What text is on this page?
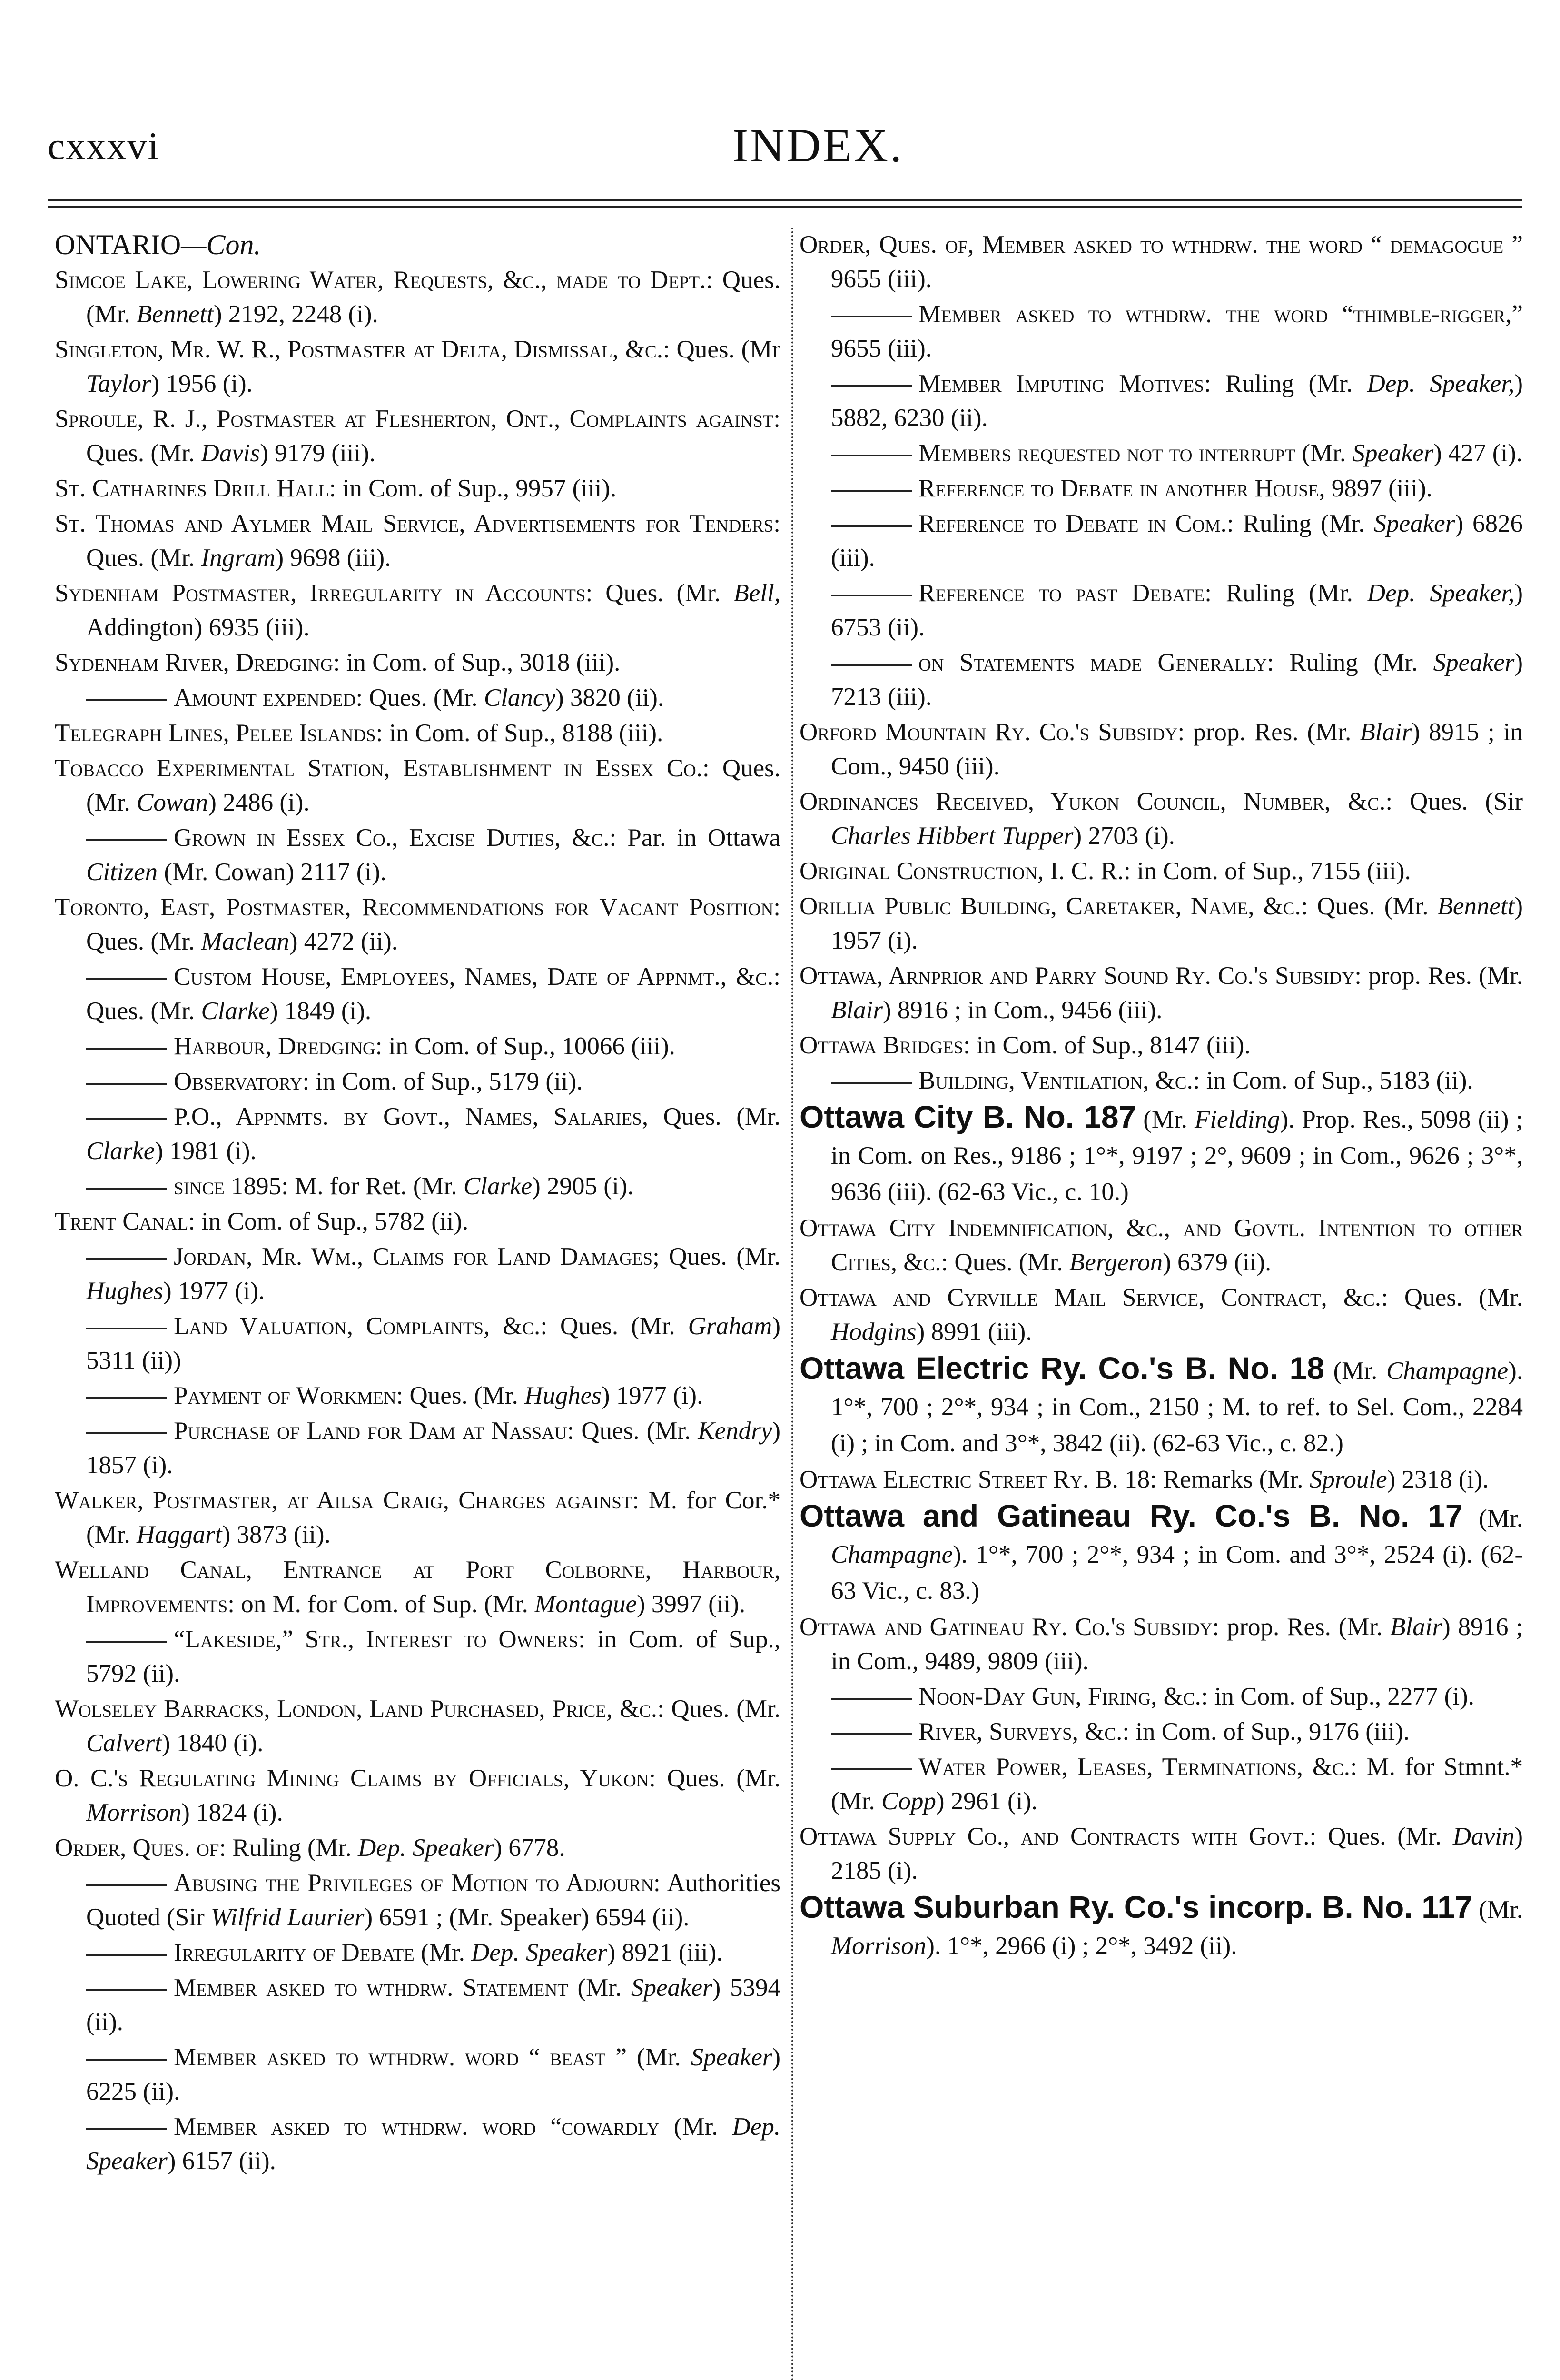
cxxxvi	INDEX.
ONTARIO—Con.
Simcoe Lake, Lowering Water, Requests, &c., made to Dept.: Ques. (Mr. Bennett) 2192, 2248 (i).
Singleton, Mr. W. R., Postmaster at Delta, Dismissal, &c.: Ques. (Mr Taylor) 1956 (i).
Sproule, R. J., Postmaster at Flesherton, Ont., Complaints against: Ques. (Mr. Davis) 9179 (iii).
St. Catharines Drill Hall: in Com. of Sup., 9957 (iii).
St. Thomas and Aylmer Mail Service, Advertisements for Tenders: Ques. (Mr. Ingram) 9698 (iii).
Sydenham Postmaster, Irregularity in Accounts: Ques. (Mr. Bell, Addington) 6935 (iii).
Sydenham River, Dredging: in Com. of Sup., 3018 (iii).
Amount expended: Ques. (Mr. Clancy) 3820 (ii).
Telegraph Lines, Pelee Islands: in Com. of Sup., 8188 (iii).
Tobacco Experimental Station, Establishment in Essex Co.: Ques. (Mr. Cowan) 2486 (i).
Grown in Essex Co., Excise Duties, &c.: Par. in Ottawa Citizen (Mr. Cowan) 2117 (i).
Toronto, East, Postmaster, Recommendations for Vacant Position: Ques. (Mr. Maclean) 4272 (ii).
Custom House, Employees, Names, Date of Appnmt., &c.: Ques. (Mr. Clarke) 1849 (i).
Harbour, Dredging: in Com. of Sup., 10066 (iii).
Observatory: in Com. of Sup., 5179 (ii).
P.O., Appnmts. by Govt., Names, Salaries, Ques. (Mr. Clarke) 1981 (i).
since 1895: M. for Ret. (Mr. Clarke) 2905 (i).
Trent Canal: in Com. of Sup., 5782 (ii).
Jordan, Mr. Wm., Claims for Land Damages; Ques. (Mr. Hughes) 1977 (i).
Land Valuation, Complaints, &c.: Ques. (Mr. Graham) 5311 (ii))
Payment of Workmen: Ques. (Mr. Hughes) 1977 (i).
Purchase of Land for Dam at Nassau: Ques. (Mr. Kendry) 1857 (i).
Walker, Postmaster, at Ailsa Craig, Charges against: M. for Cor.* (Mr. Haggart) 3873 (ii).
Welland Canal, Entrance at Port Colborne, Harbour, Improvements: on M. for Com. of Sup. (Mr. Montague) 3997 (ii).
“Lakeside,” Str., Interest to Owners: in Com. of Sup., 5792 (ii).
Wolseley Barracks, London, Land Purchased, Price, &c.: Ques. (Mr. Calvert) 1840 (i).
O. C.'s Regulating Mining Claims by Officials, Yukon: Ques. (Mr. Morrison) 1824 (i).
Order, Ques. of: Ruling (Mr. Dep. Speaker) 6778.
Abusing the Privileges of Motion to Adjourn: Authorities Quoted (Sir Wilfrid Laurier) 6591 ; (Mr. Speaker) 6594 (ii).
Irregularity of Debate (Mr. Dep. Speaker) 8921 (iii).
Member asked to wthdrw. Statement (Mr. Speaker) 5394 (ii).
Member asked to wthdrw. word “ beast ” (Mr. Speaker) 6225 (ii).
Member asked to wthdrw. word “cowardly (Mr. Dep. Speaker) 6157 (ii).
Order, Ques. of, Member asked to wthdrw. the word “ demagogue ” 9655 (iii).
Member asked to wthdrw. the word “thimble-rigger,” 9655 (iii).
Member Imputing Motives: Ruling (Mr. Dep. Speaker,) 5882, 6230 (ii).
Members requested not to interrupt (Mr. Speaker) 427 (i).
Reference to Debate in another House, 9897 (iii).
Reference to Debate in Com.: Ruling (Mr. Speaker) 6826 (iii).
Reference to past Debate: Ruling (Mr. Dep. Speaker,) 6753 (ii).
on Statements made Generally: Ruling (Mr. Speaker) 7213 (iii).
Orford Mountain Ry. Co.'s Subsidy: prop. Res. (Mr. Blair) 8915 ; in Com., 9450 (iii).
Ordinances Received, Yukon Council, Number, &c.: Ques. (Sir Charles Hibbert Tupper) 2703 (i).
Original Construction, I. C. R.: in Com. of Sup., 7155 (iii).
Orillia Public Building, Caretaker, Name, &c.: Ques. (Mr. Bennett) 1957 (i).
Ottawa, Arnprior and Parry Sound Ry. Co.'s Subsidy: prop. Res. (Mr. Blair) 8916 ; in Com., 9456 (iii).
Ottawa Bridges: in Com. of Sup., 8147 (iii).
Building, Ventilation, &c.: in Com. of Sup., 5183 (ii).
Ottawa City B. No. 187 (Mr. Fielding). Prop. Res., 5098 (ii) ; in Com. on Res., 9186 ; 1°*, 9197 ; 2°, 9609 ; in Com., 9626 ; 3°*, 9636 (iii). (62-63 Vic., c. 10.)
Ottawa City Indemnification, &c., and Govtl. Intention to other Cities, &c.: Ques. (Mr. Bergeron) 6379 (ii).
Ottawa and Cyrville Mail Service, Contract, &c.: Ques. (Mr. Hodgins) 8991 (iii).
Ottawa Electric Ry. Co.'s B. No. 18 (Mr. Champagne). 1°*, 700 ; 2°*, 934 ; in Com., 2150 ; M. to ref. to Sel. Com., 2284 (i) ; in Com. and 3°*, 3842 (ii). (62-63 Vic., c. 82.)
Ottawa Electric Street Ry. B. 18: Remarks (Mr. Sproule) 2318 (i).
Ottawa and Gatineau Ry. Co.'s B. No. 17 (Mr. Champagne). 1°*, 700 ; 2°*, 934 ; in Com. and 3°*, 2524 (i). (62-63 Vic., c. 83.)
Ottawa and Gatineau Ry. Co.'s Subsidy: prop. Res. (Mr. Blair) 8916 ; in Com., 9489, 9809 (iii).
Noon-Day Gun, Firing, &c.: in Com. of Sup., 2277 (i).
River, Surveys, &c.: in Com. of Sup., 9176 (iii).
Water Power, Leases, Terminations, &c.: M. for Stmnt.* (Mr. Copp) 2961 (i).
Ottawa Supply Co., and Contracts with Govt.: Ques. (Mr. Davin) 2185 (i).
Ottawa Suburban Ry. Co.'s incorp. B. No. 117 (Mr. Morrison). 1°*, 2966 (i) ; 2°*, 3492 (ii).
